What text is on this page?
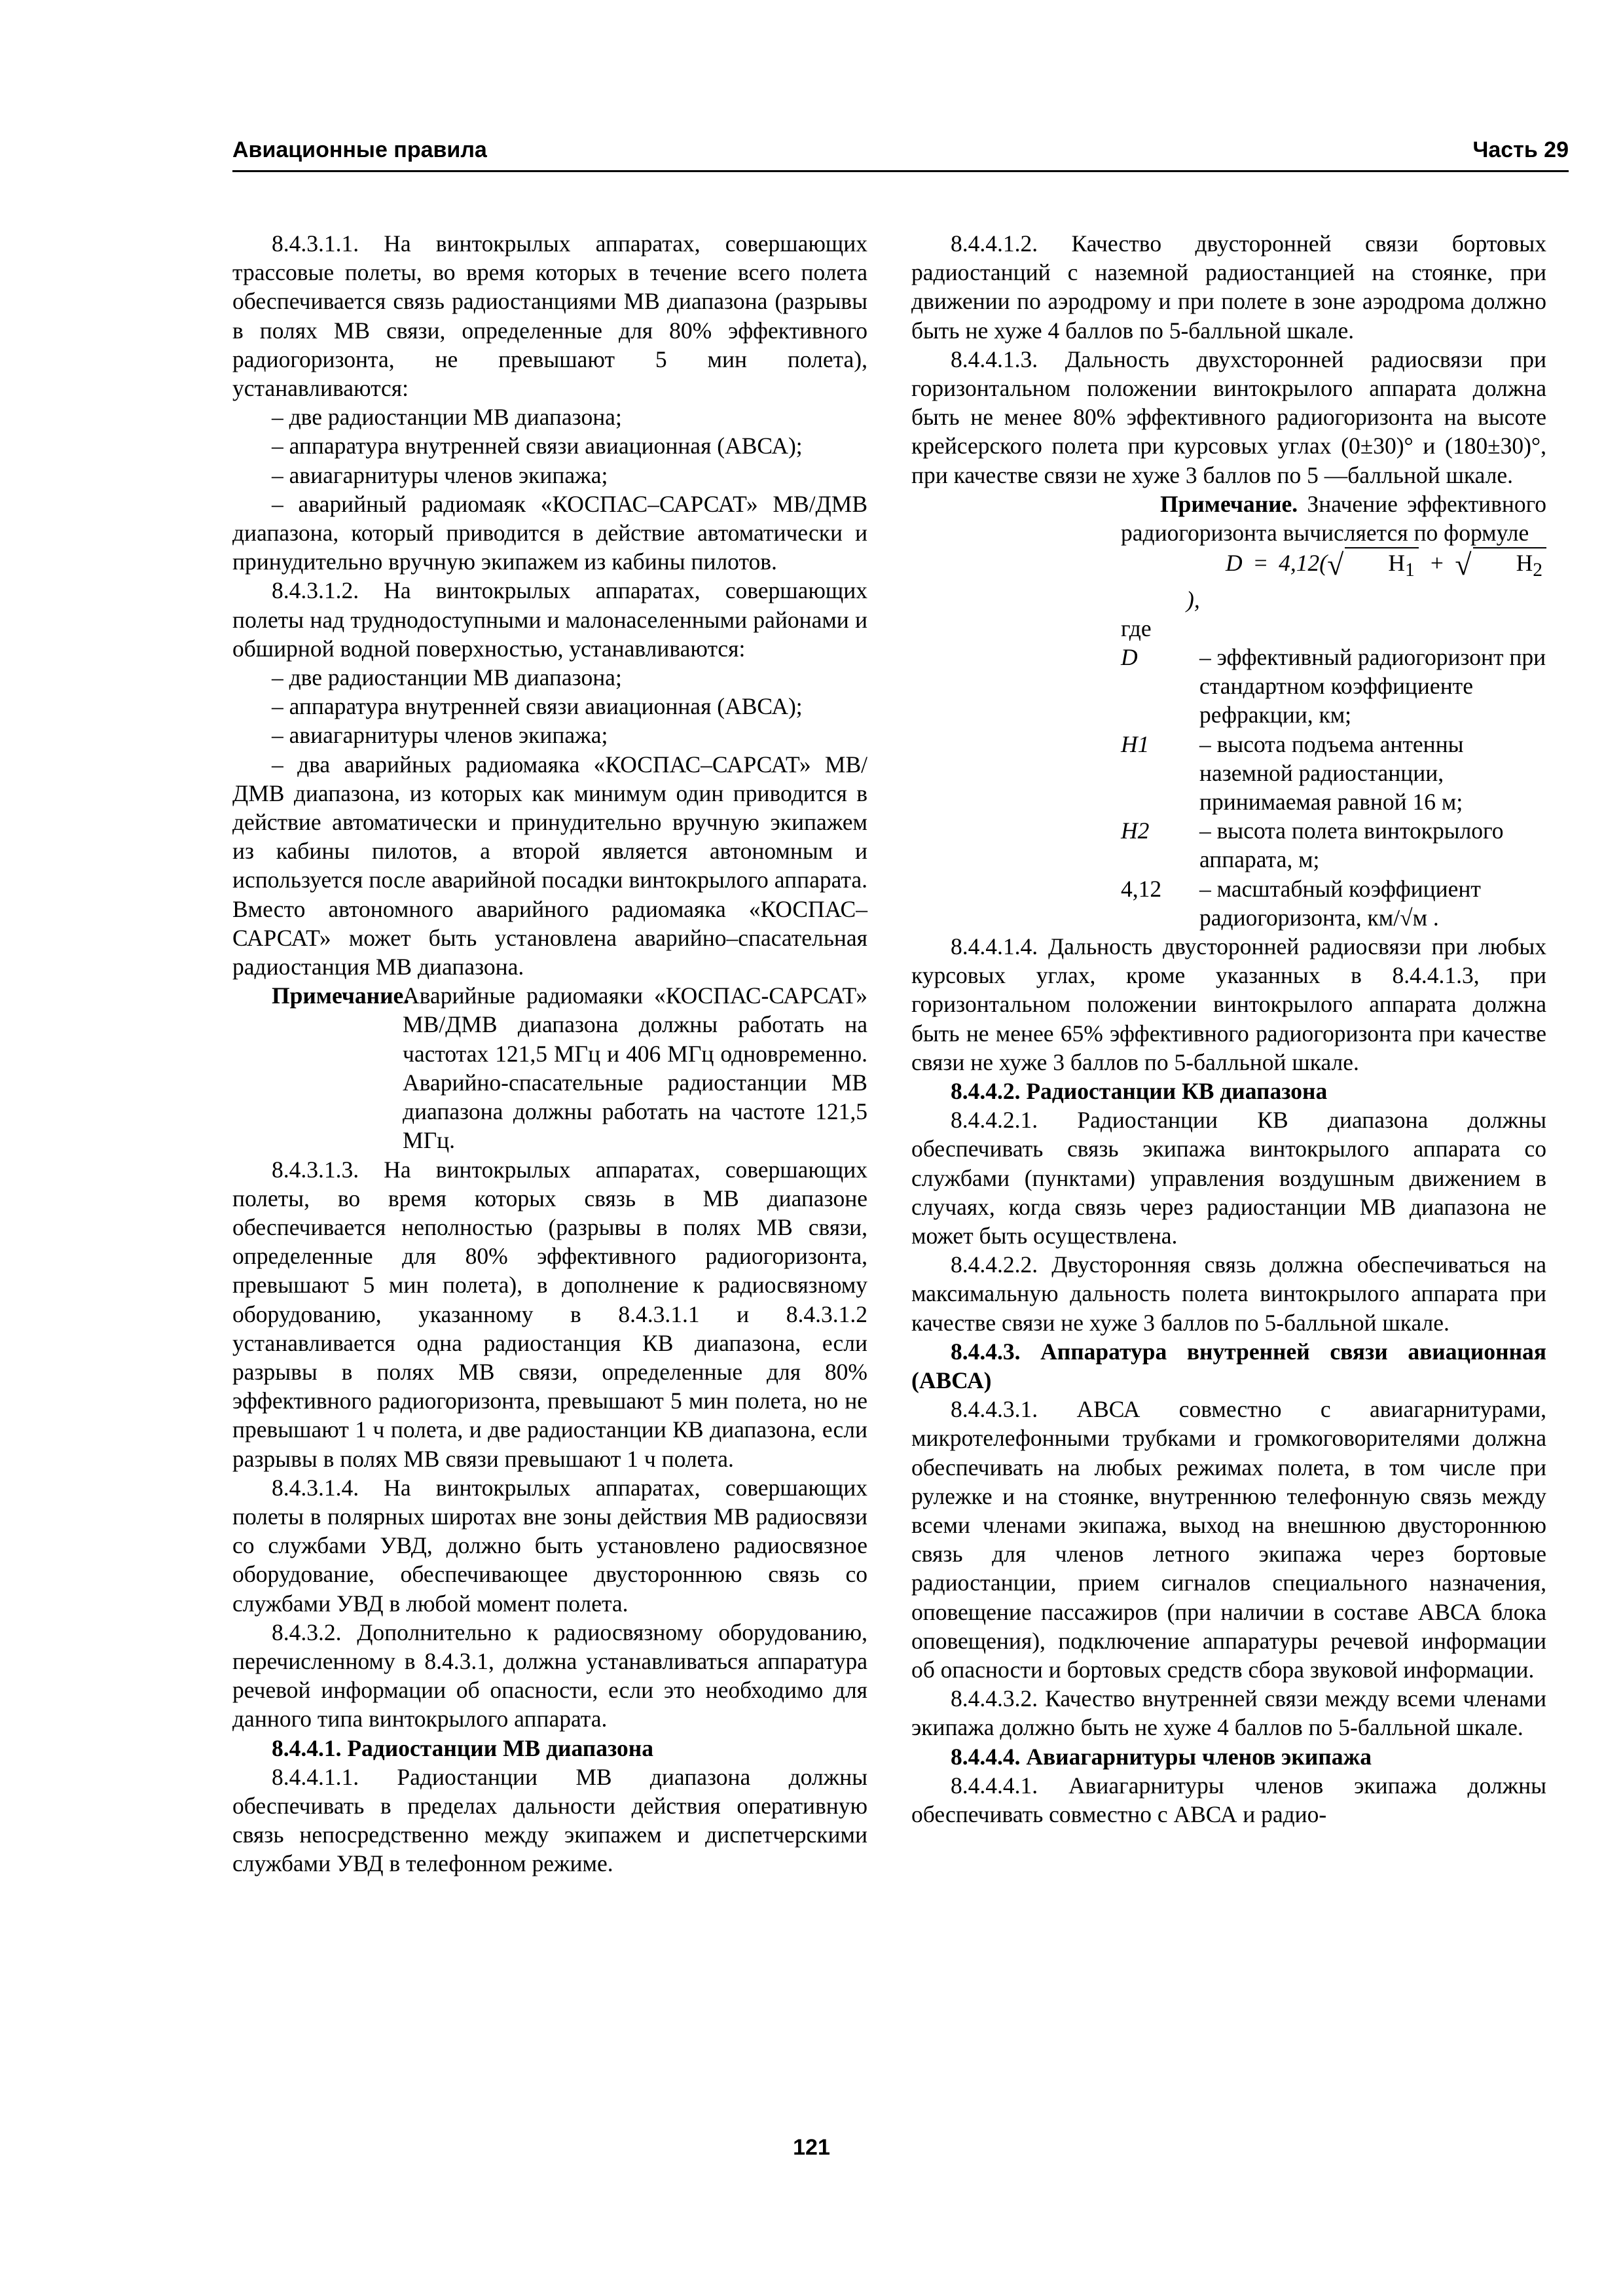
Авиационные правила	Часть 29

8.4.3.1.1. На винтокрылых аппаратах, совершающих трассовые полеты, во время которых в течение всего полета обеспечивается связь радиостанциями МВ диапазона (разрывы в полях МВ связи, определенные для 80% эффективного радиогоризонта, не превышают 5 мин полета), устанавливаются:

– две радиостанции МВ диапазона;

– аппаратура внутренней связи авиационная (АВСА);

– авиагарнитуры членов экипажа;

– аварийный радиомаяк «КОСПАС–САРСАТ» МВ/ДМВ диапазона, который приводится в действие автоматически и принудительно вручную экипажем из кабины пилотов.

8.4.3.1.2. На винтокрылых аппаратах, совершающих полеты над труднодоступными и малонаселенными районами и обширной водной поверхностью, устанавливаются:

– две радиостанции МВ диапазона;

– аппаратура внутренней связи авиационная (АВСА);

– авиагарнитуры членов экипажа;

– два аварийных радиомаяка «КОСПАС–САРСАТ» МВ/ДМВ диапазона, из которых как минимум один приводится в действие автоматически и принудительно вручную экипажем из кабины пилотов, а второй является автономным и используется после аварийной посадки винтокрылого аппарата. Вместо автономного аварийного радиомаяка «КОСПАС–САРСАТ» может быть установлена аварийно–спасательная радиостанция МВ диапазона.

Примечание.
Аварийные радиомаяки «КОСПАС-САРСАТ» МВ/ДМВ диапазона должны работать на частотах 121,5 МГц и 406 МГц одновременно. Аварийно-спасательные радиостанции МВ диапазона должны работать на частоте 121,5 МГц.

8.4.3.1.3. На винтокрылых аппаратах, совершающих полеты, во время которых связь в МВ диапазоне обеспечивается неполностью (разрывы в полях МВ связи, определенные для 80% эффективного радиогоризонта, превышают 5 мин полета), в дополнение к радиосвязному оборудованию, указанному в 8.4.3.1.1 и 8.4.3.1.2 устанавливается одна радиостанция КВ диапазона, если разрывы в полях МВ связи, определенные для 80% эффективного радиогоризонта, превышают 5 мин полета, но не превышают 1 ч полета, и две радиостанции КВ диапазона, если разрывы в полях МВ связи превышают 1 ч полета.

8.4.3.1.4. На винтокрылых аппаратах, совершающих полеты в полярных широтах вне зоны действия МВ радиосвязи со службами УВД, должно быть установлено радиосвязное оборудование, обеспечивающее двустороннюю связь со службами УВД в любой момент полета.

8.4.3.2. Дополнительно к радиосвязному оборудованию, перечисленному в 8.4.3.1, должна устанавливаться аппаратура речевой информации об опасности, если это необходимо для данного типа винтокрылого аппарата.

8.4.4.1. Радиостанции МВ диапазона

8.4.4.1.1. Радиостанции МВ диапазона должны обеспечивать в пределах дальности действия оперативную связь непосредственно между экипажем и диспетчерскими службами УВД в телефонном режиме.

8.4.4.1.2. Качество двусторонней связи бортовых радиостанций с наземной радиостанцией на стоянке, при движении по аэродрому и при полете в зоне аэродрома должно быть не хуже 4 баллов по 5-балльной шкале.

8.4.4.1.3. Дальность двухсторонней радиосвязи при горизонтальном положении винтокрылого аппарата должна быть не менее 80% эффективного радиогоризонта на высоте крейсерского полета при курсовых углах (0±30)° и (180±30)°, при качестве связи не хуже 3 баллов по 5 —балльной шкале.

Примечание. Значение эффективного радиогоризонта вычисляется по формуле

D = 4,12(√ $H_1$ + √ $H_2$ ),

где
D	– эффективный радиогоризонт при стандартном коэффициенте рефракции, км;
H1 – высота подъема антенны наземной радиостанции, принимаемая равной 16 м;
H2 – высота полета винтокрылого аппарата, м;
4,12 – масштабный коэффициент радиогоризонта, км/√м .

8.4.4.1.4. Дальность двусторонней радиосвязи при любых курсовых углах, кроме указанных в 8.4.4.1.3, при горизонтальном положении винтокрылого аппарата должна быть не менее 65% эффективного радиогоризонта при качестве связи не хуже 3 баллов по 5-балльной шкале.

8.4.4.2. Радиостанции КВ диапазона

8.4.4.2.1. Радиостанции КВ диапазона должны обеспечивать связь экипажа винтокрылого аппарата со службами (пунктами) управления воздушным движением в случаях, когда связь через радиостанции МВ диапазона не может быть осуществлена.

8.4.4.2.2. Двусторонняя связь должна обеспечиваться на максимальную дальность полета винтокрылого аппарата при качестве связи не хуже 3 баллов по 5-балльной шкале.

8.4.4.3. Аппаратура внутренней связи авиационная (АВСА)

8.4.4.3.1. АВСА совместно с авиагарнитурами, микротелефонными трубками и громкоговорителями должна обеспечивать на любых режимах полета, в том числе при рулежке и на стоянке, внутреннюю телефонную связь между всеми членами экипажа, выход на внешнюю двустороннюю связь для членов летного экипажа через бортовые радиостанции, прием сигналов специального назначения, оповещение пассажиров (при наличии в составе АВСА блока оповещения), подключение аппаратуры речевой информации об опасности и бортовых средств сбора звуковой информации.

8.4.4.3.2. Качество внутренней связи между всеми членами экипажа должно быть не хуже 4 баллов по 5-балльной шкале.

8.4.4.4. Авиагарнитуры членов экипажа

8.4.4.4.1. Авиагарнитуры членов экипажа должны обеспечивать совместно с АВСА и радио-

121
